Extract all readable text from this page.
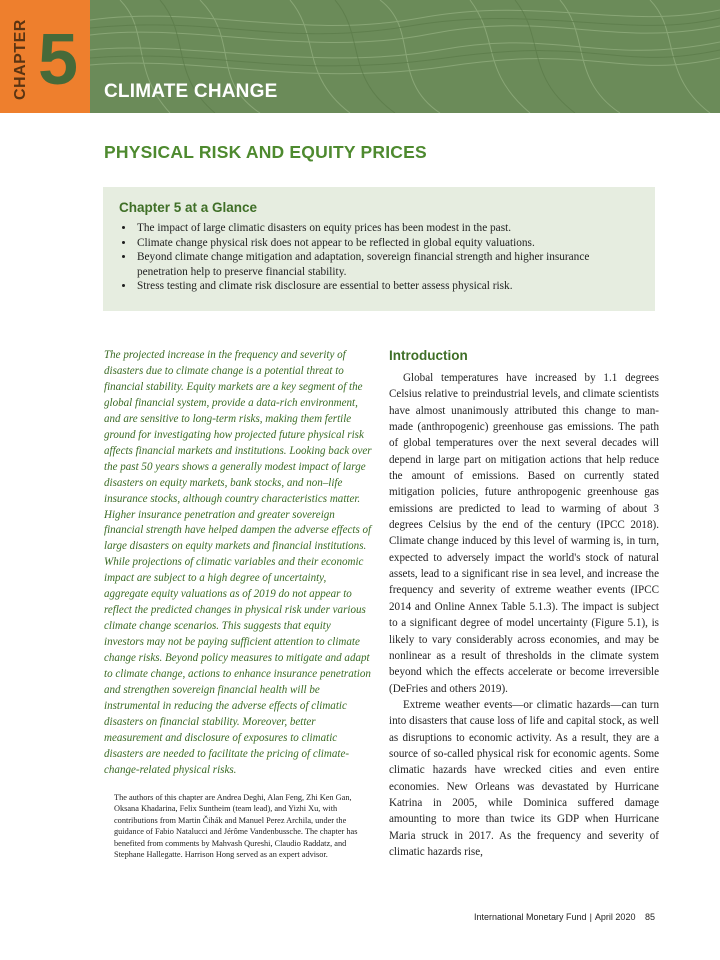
CHAPTER 5 CLIMATE CHANGE
PHYSICAL RISK AND EQUITY PRICES
Chapter 5 at a Glance
• The impact of large climatic disasters on equity prices has been modest in the past.
• Climate change physical risk does not appear to be reflected in global equity valuations.
• Beyond climate change mitigation and adaptation, sovereign financial strength and higher insurance penetration help to preserve financial stability.
• Stress testing and climate risk disclosure are essential to better assess physical risk.

The projected increase in the frequency and severity of disasters due to climate change is a potential threat to financial stability. Equity markets are a key segment of the global financial system, provide a data-rich environment, and are sensitive to long-term risks, making them fertile ground for investigating how projected future physical risk affects financial markets and institutions. Looking back over the past 50 years shows a generally modest impact of large disasters on equity markets, bank stocks, and non–life insurance stocks, although country characteristics matter. Higher insurance penetration and greater sovereign financial strength have helped dampen the adverse effects of large disasters on equity markets and financial institutions. While projections of climatic variables and their economic impact are subject to a high degree of uncertainty, aggregate equity valuations as of 2019 do not appear to reflect the predicted changes in physical risk under various climate change scenarios. This suggests that equity investors may not be paying sufficient attention to climate change risks. Beyond policy measures to mitigate and adapt to climate change, actions to enhance insurance penetration and strengthen sovereign financial health will be instrumental in reducing the adverse effects of climatic disasters on financial stability. Moreover, better measurement and disclosure of exposures to climatic disasters are needed to facilitate the pricing of climate-change-related physical risks.

The authors of this chapter are Andrea Deghi, Alan Feng, Zhi Ken Gan, Oksana Khadarina, Felix Suntheim (team lead), and Yizhi Xu, with contributions from Martin Čihák and Manuel Perez Archila, under the guidance of Fabio Natalucci and Jérôme Vandenbussche. The chapter has benefited from comments by Mahvash Qureshi, Claudio Raddatz, and Stephane Hallegatte. Harrison Hong served as an expert advisor.

Introduction

Global temperatures have increased by 1.1 degrees Celsius relative to preindustrial levels, and climate scientists have almost unanimously attributed this change to man-made (anthropogenic) greenhouse gas emissions. The path of global temperatures over the next several decades will depend in large part on mitigation actions that help reduce the amount of emissions. Based on currently stated mitigation policies, future anthropogenic greenhouse gas emissions are predicted to lead to warming of about 3 degrees Celsius by the end of the century (IPCC 2018). Climate change induced by this level of warming is, in turn, expected to adversely impact the world's stock of natural assets, lead to a significant rise in sea level, and increase the frequency and severity of extreme weather events (IPCC 2014 and Online Annex Table 5.1.3). The impact is subject to a significant degree of model uncertainty (Figure 5.1), is likely to vary considerably across economies, and may be nonlinear as a result of thresholds in the climate system beyond which the effects accelerate or become irreversible (DeFries and others 2019).

Extreme weather events—or climatic hazards—can turn into disasters that cause loss of life and capital stock, as well as disruptions to economic activity. As a result, they are a source of so-called physical risk for economic agents. Some climatic hazards have wrecked cities and even entire economies. New Orleans was devastated by Hurricane Katrina in 2005, while Dominica suffered damage amounting to more than twice its GDP when Hurricane Maria struck in 2017. As the frequency and severity of climatic hazards rise,

International Monetary Fund | April 2020 85
